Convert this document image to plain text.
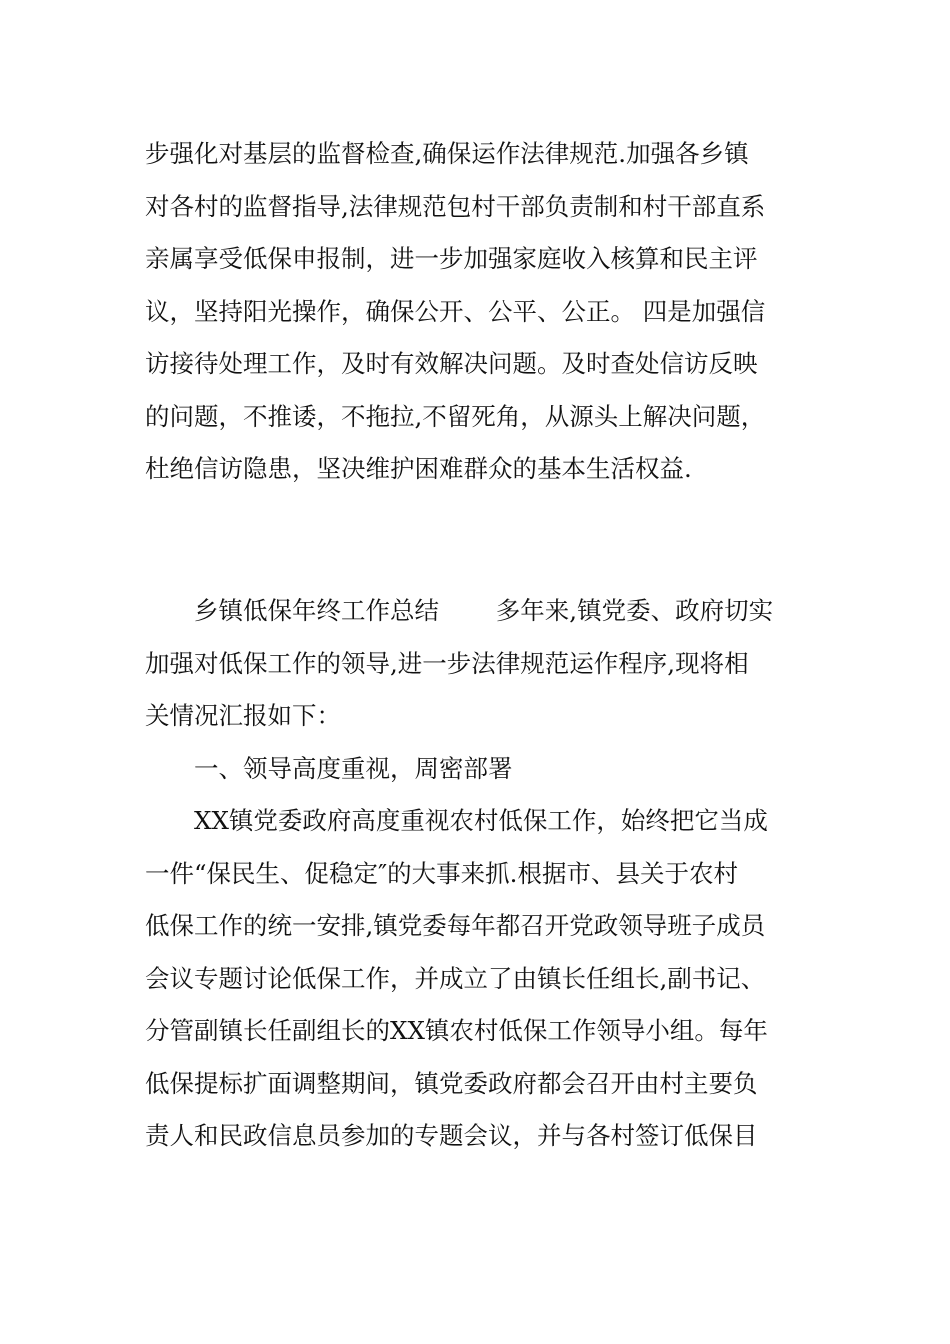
步强化对基层的监督检查,确保运作法律规范.加强各乡镇
对各村的监督指导,法律规范包村干部负责制和村干部直系
亲属享受低保申报制，进一步加强家庭收入核算和民主评
议，坚持阳光操作，确保公开、公平、公正。 四是加强信
访接待处理工作，及时有效解决问题。及时查处信访反映
的问题，不推诿，不拖拉,不留死角，从源头上解决问题，
杜绝信访隐患，坚决维护困难群众的基本生活权益.
　　乡镇低保年终工作总结　　 多年来,镇党委、政府切实
加强对低保工作的领导,进一步法律规范运作程序,现将相
关情况汇报如下：
　　一、领导高度重视，周密部署
　　XX镇党委政府高度重视农村低保工作，始终把它当成
一件“保民生、促稳定″的大事来抓.根据市、县关于农村
低保工作的统一安排,镇党委每年都召开党政领导班子成员
会议专题讨论低保工作，并成立了由镇长任组长,副书记、
分管副镇长任副组长的XX镇农村低保工作领导小组。每年
低保提标扩面调整期间，镇党委政府都会召开由村主要负
责人和民政信息员参加的专题会议，并与各村签订低保目
